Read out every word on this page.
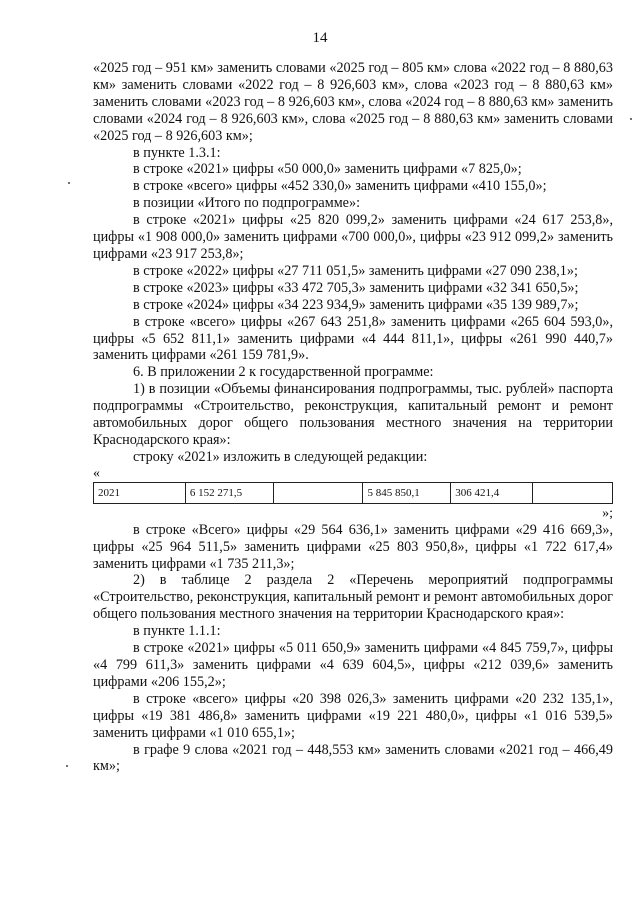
14

«2025 год – 951 км» заменить словами «2025 год – 805 км» слова «2022 год – 8 880,63 км» заменить словами «2022 год – 8 926,603 км», слова «2023 год – 8 880,63 км» заменить словами «2023 год – 8 926,603 км», слова «2024 год – 8 880,63 км» заменить словами «2024 год – 8 926,603 км», слова «2025 год – 8 880,63 км» заменить словами «2025 год – 8 926,603 км»;

в пункте 1.3.1:

в строке «2021» цифры «50 000,0» заменить цифрами «7 825,0»;

в строке «всего» цифры «452 330,0» заменить цифрами «410 155,0»;

в позиции «Итого по подпрограмме»:

в строке «2021» цифры «25 820 099,2» заменить цифрами «24 617 253,8», цифры «1 908 000,0» заменить цифрами «700 000,0», цифры «23 912 099,2» заменить цифрами «23 917 253,8»;

в строке «2022» цифры «27 711 051,5» заменить цифрами «27 090 238,1»;

в строке «2023» цифры «33 472 705,3» заменить цифрами «32 341 650,5»;

в строке «2024» цифры «34 223 934,9» заменить цифрами «35 139 989,7»;

в строке «всего» цифры «267 643 251,8» заменить цифрами «265 604 593,0», цифры «5 652 811,1» заменить цифрами «4 444 811,1», цифры «261 990 440,7» заменить цифрами «261 159 781,9».

6. В приложении 2 к государственной программе:

1) в позиции «Объемы финансирования подпрограммы, тыс. рублей» паспорта подпрограммы «Строительство, реконструкция, капитальный ремонт и ремонт автомобильных дорог общего пользования местного значения на территории Краснодарского края»:

строку «2021» изложить в следующей редакции:

«
2021	6 152 271,5		5 845 850,1	306 421,4	
»;

в строке «Всего» цифры «29 564 636,1» заменить цифрами «29 416 669,3», цифры «25 964 511,5» заменить цифрами «25 803 950,8», цифры «1 722 617,4» заменить цифрами «1 735 211,3»;

2) в таблице 2 раздела 2 «Перечень мероприятий подпрограммы «Строительство, реконструкция, капитальный ремонт и ремонт автомобильных дорог общего пользования местного значения на территории Краснодарского края»:

в пункте 1.1.1:

в строке «2021» цифры «5 011 650,9» заменить цифрами «4 845 759,7», цифры «4 799 611,3» заменить цифрами «4 639 604,5», цифры «212 039,6» заменить цифрами «206 155,2»;

в строке «всего» цифры «20 398 026,3» заменить цифрами «20 232 135,1», цифры «19 381 486,8» заменить цифрами «19 221 480,0», цифры «1 016 539,5» заменить цифрами «1 010 655,1»;

в графе 9 слова «2021 год – 448,553 км» заменить словами «2021 год – 466,49 км»;
